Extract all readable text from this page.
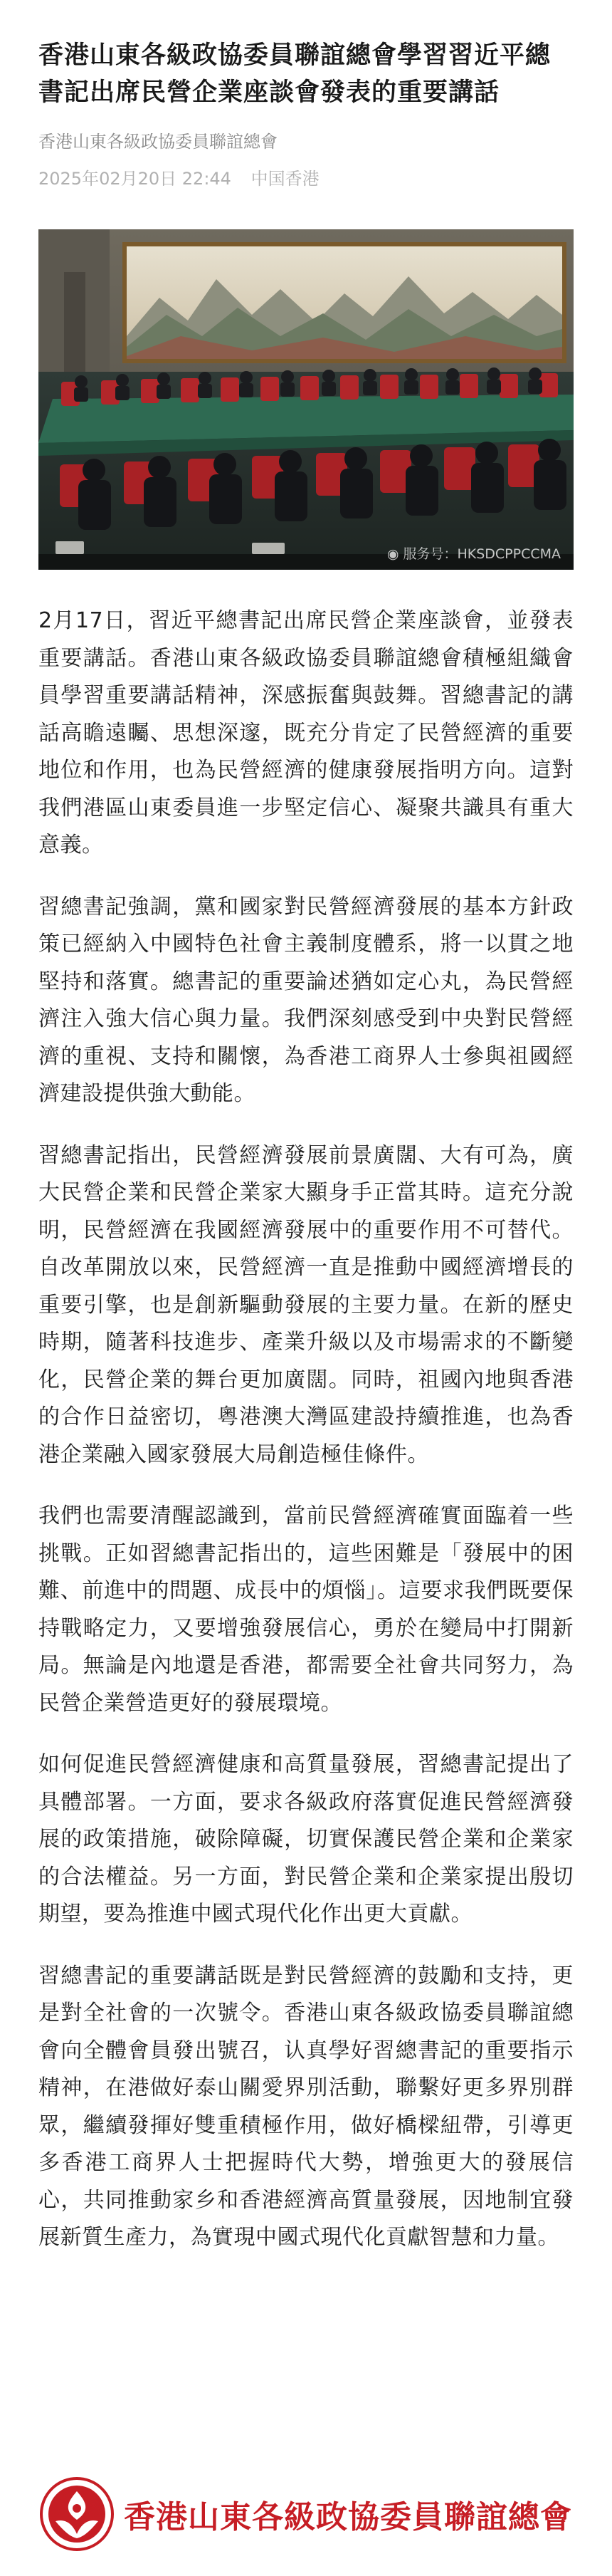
香港山東各級政協委員聯誼總會學習習近平總書記出席民營企業座談會發表的重要講話
香港山東各級政協委員聯誼總會
2025年02月20日 22:44 中国香港
◉ 服务号：HKSDCPPCCMA

2月17日，習近平總書記出席民營企業座談會，並發表重要講話。香港山東各級政協委員聯誼總會積極組織會員學習重要講話精神，深感振奮與鼓舞。習總書記的講話高瞻遠矚、思想深邃，既充分肯定了民營經濟的重要地位和作用，也為民營經濟的健康發展指明方向。這對我們港區山東委員進一步堅定信心、凝聚共識具有重大意義。

習總書記強調，黨和國家對民營經濟發展的基本方針政策已經納入中國特色社會主義制度體系，將一以貫之地堅持和落實。總書記的重要論述猶如定心丸，為民營經濟注入強大信心與力量。我們深刻感受到中央對民營經濟的重視、支持和關懷，為香港工商界人士參與祖國經濟建設提供強大動能。

習總書記指出，民營經濟發展前景廣闊、大有可為，廣大民營企業和民營企業家大顯身手正當其時。這充分說明，民營經濟在我國經濟發展中的重要作用不可替代。自改革開放以來，民營經濟一直是推動中國經濟增長的重要引擎，也是創新驅動發展的主要力量。在新的歷史時期，隨著科技進步、產業升級以及市場需求的不斷變化，民營企業的舞台更加廣闊。同時，祖國內地與香港的合作日益密切，粵港澳大灣區建設持續推進，也為香港企業融入國家發展大局創造極佳條件。

我們也需要清醒認識到，當前民營經濟確實面臨着一些挑戰。正如習總書記指出的，這些困難是「發展中的困難、前進中的問題、成長中的煩惱」。這要求我們既要保持戰略定力，又要增強發展信心，勇於在變局中打開新局。無論是內地還是香港，都需要全社會共同努力，為民營企業營造更好的發展環境。

如何促進民營經濟健康和高質量發展，習總書記提出了具體部署。一方面，要求各級政府落實促進民營經濟發展的政策措施，破除障礙，切實保護民營企業和企業家的合法權益。另一方面，對民營企業和企業家提出殷切期望，要為推進中國式現代化作出更大貢獻。

習總書記的重要講話既是對民營經濟的鼓勵和支持，更是對全社會的一次號令。香港山東各級政協委員聯誼總會向全體會員發出號召，认真學好習總書記的重要指示精神，在港做好泰山關愛界別活動，聯繫好更多界別群眾，繼續發揮好雙重積極作用，做好橋樑紐帶，引導更多香港工商界人士把握時代大勢，增強更大的發展信心，共同推動家乡和香港經濟高質量發展，因地制宜發展新質生產力，為實現中國式現代化貢獻智慧和力量。

香港山東各級政協委員聯誼總會
